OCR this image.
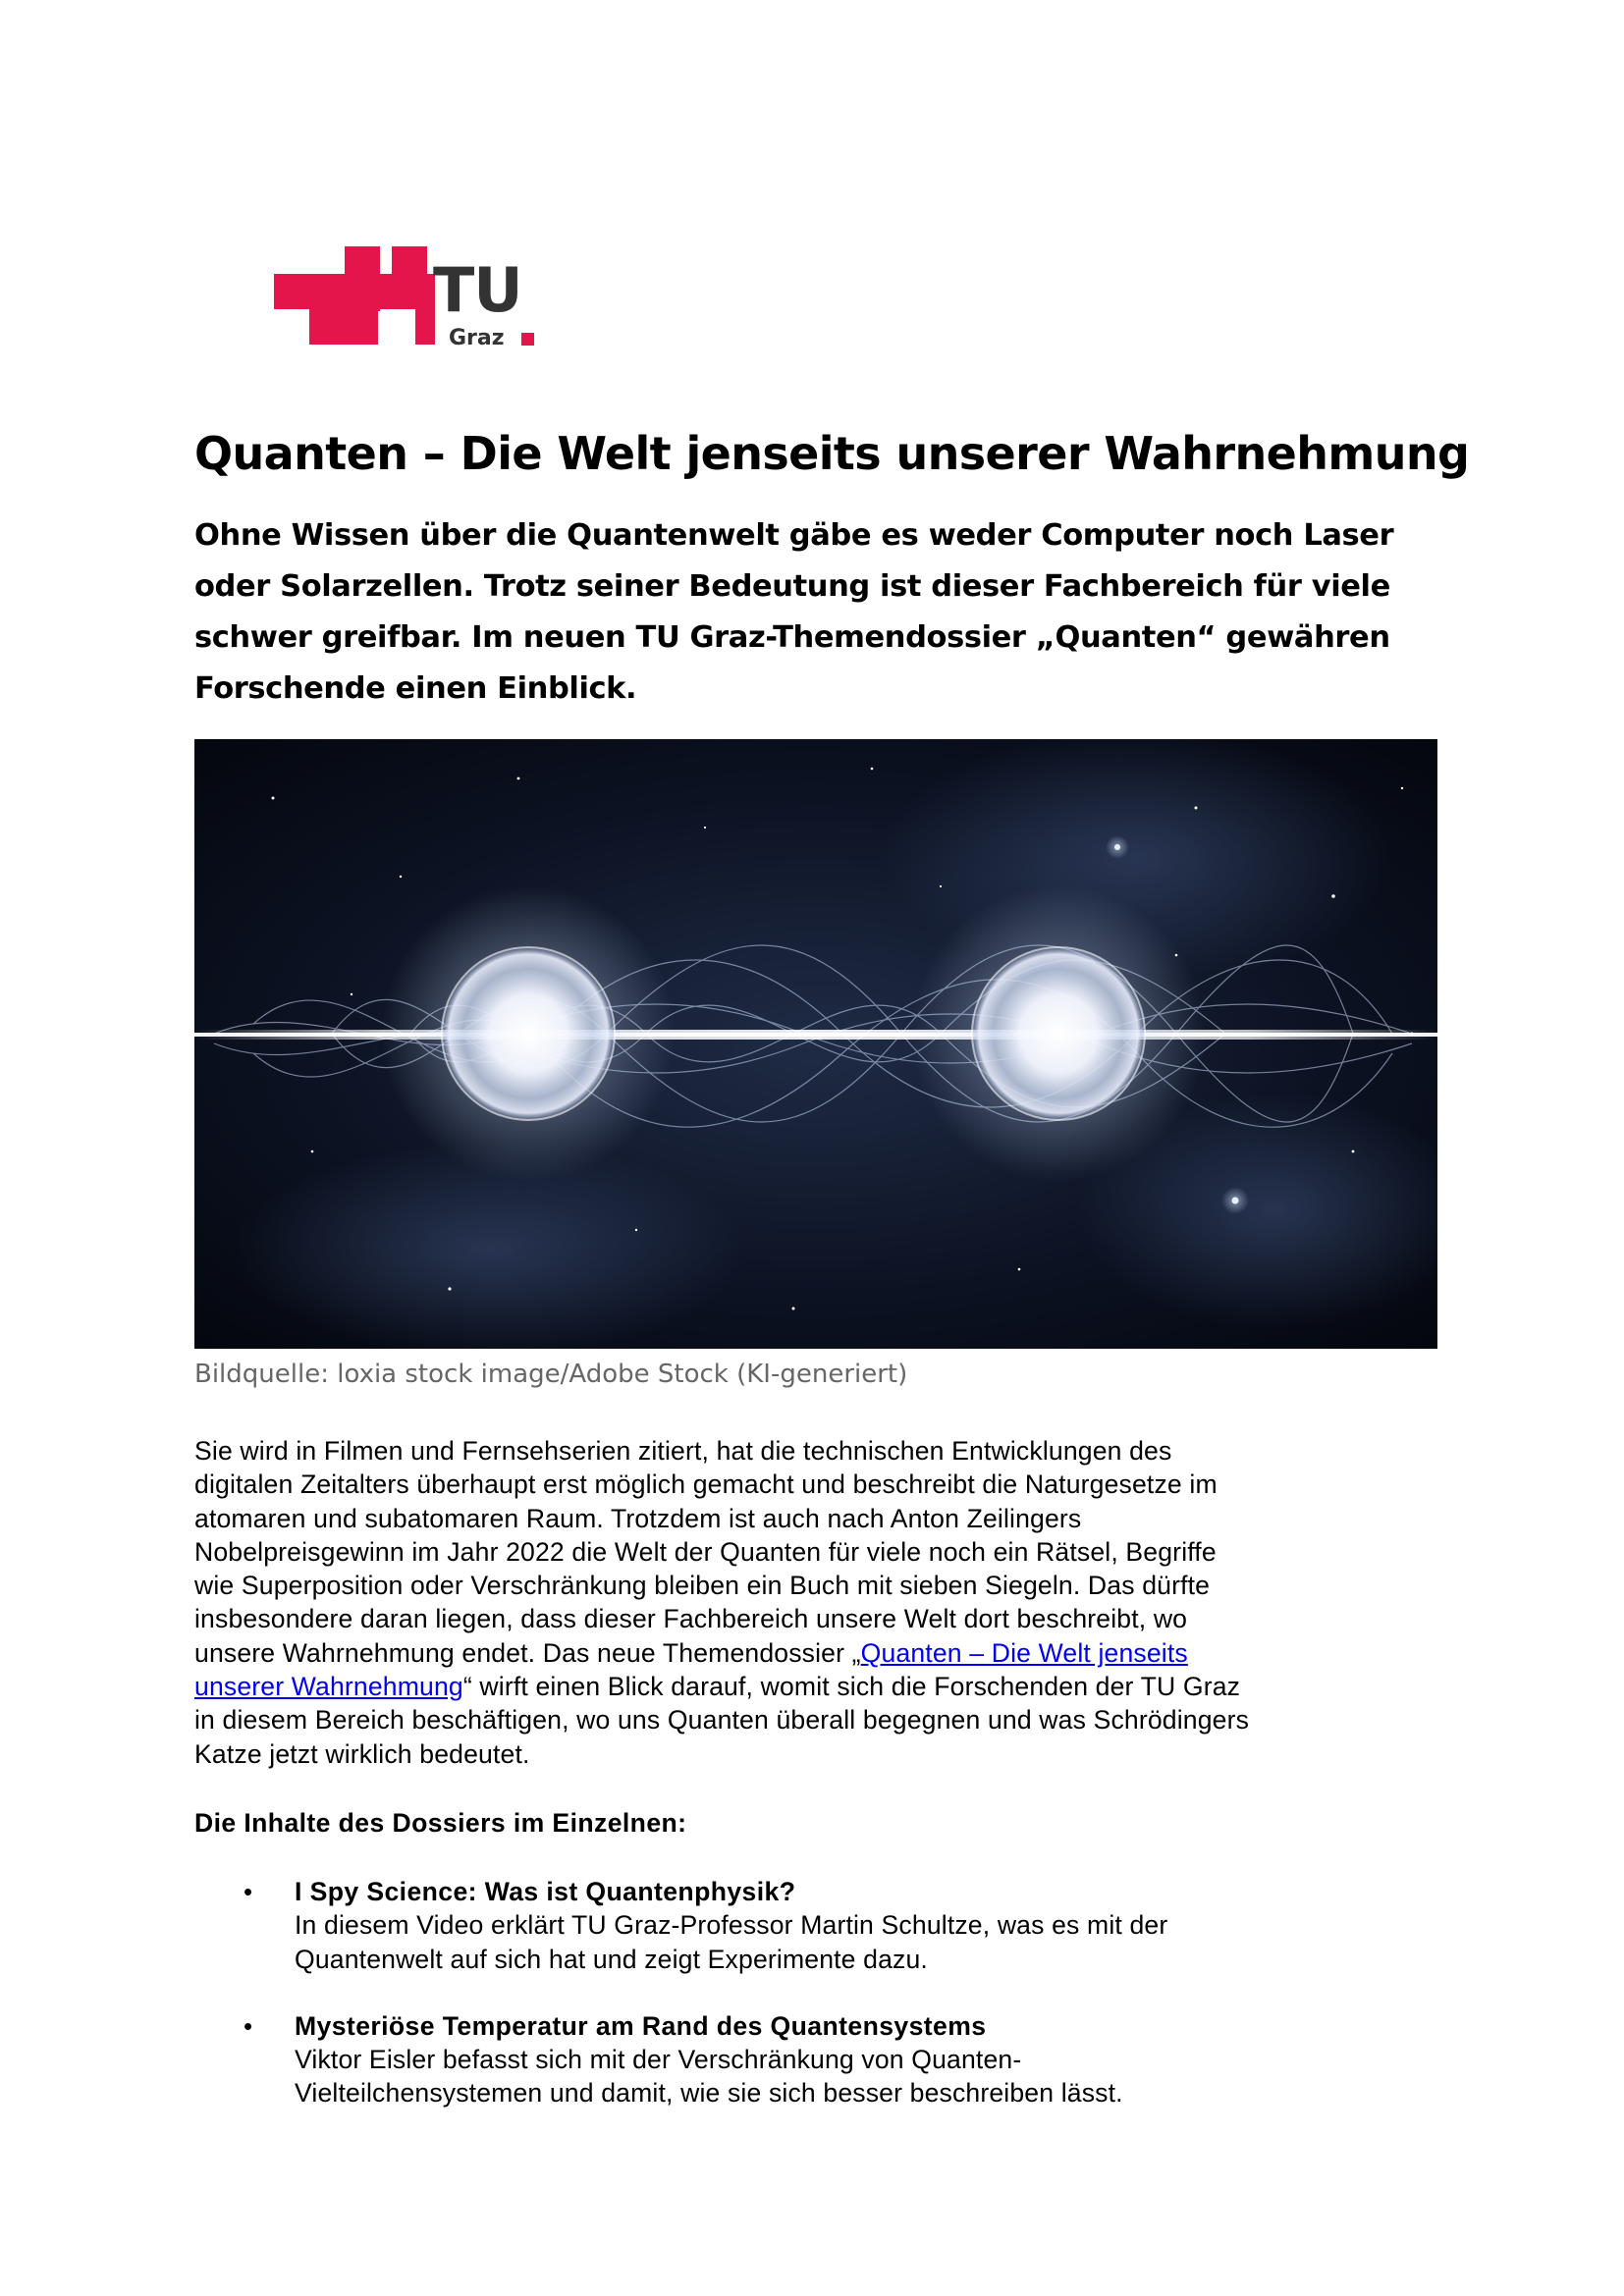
TU
Graz
Quanten – Die Welt jenseits unserer Wahrnehmung

Ohne Wissen über die Quantenwelt gäbe es weder Computer noch Laser oder Solarzellen. Trotz seiner Bedeutung ist dieser Fachbereich für viele schwer greifbar. Im neuen TU Graz-Themendossier „Quanten“ gewähren Forschende einen Einblick.

Bildquelle: loxia stock image/Adobe Stock (KI-generiert)

Sie wird in Filmen und Fernsehserien zitiert, hat die technischen Entwicklungen des
digitalen Zeitalters überhaupt erst möglich gemacht und beschreibt die Naturgesetze im
atomaren und subatomaren Raum. Trotzdem ist auch nach Anton Zeilingers
Nobelpreisgewinn im Jahr 2022 die Welt der Quanten für viele noch ein Rätsel, Begriffe
wie Superposition oder Verschränkung bleiben ein Buch mit sieben Siegeln. Das dürfte
insbesondere daran liegen, dass dieser Fachbereich unsere Welt dort beschreibt, wo
unsere Wahrnehmung endet. Das neue Themendossier „Quanten – Die Welt jenseits
unserer Wahrnehmung“ wirft einen Blick darauf, womit sich die Forschenden der TU Graz
in diesem Bereich beschäftigen, wo uns Quanten überall begegnen und was Schrödingers
Katze jetzt wirklich bedeutet.

Die Inhalte des Dossiers im Einzelnen:

• I Spy Science: Was ist Quantenphysik?
In diesem Video erklärt TU Graz-Professor Martin Schultze, was es mit der
Quantenwelt auf sich hat und zeigt Experimente dazu.
• Mysteriöse Temperatur am Rand des Quantensystems
Viktor Eisler befasst sich mit der Verschränkung von Quanten-
Vielteilchensystemen und damit, wie sie sich besser beschreiben lässt.
